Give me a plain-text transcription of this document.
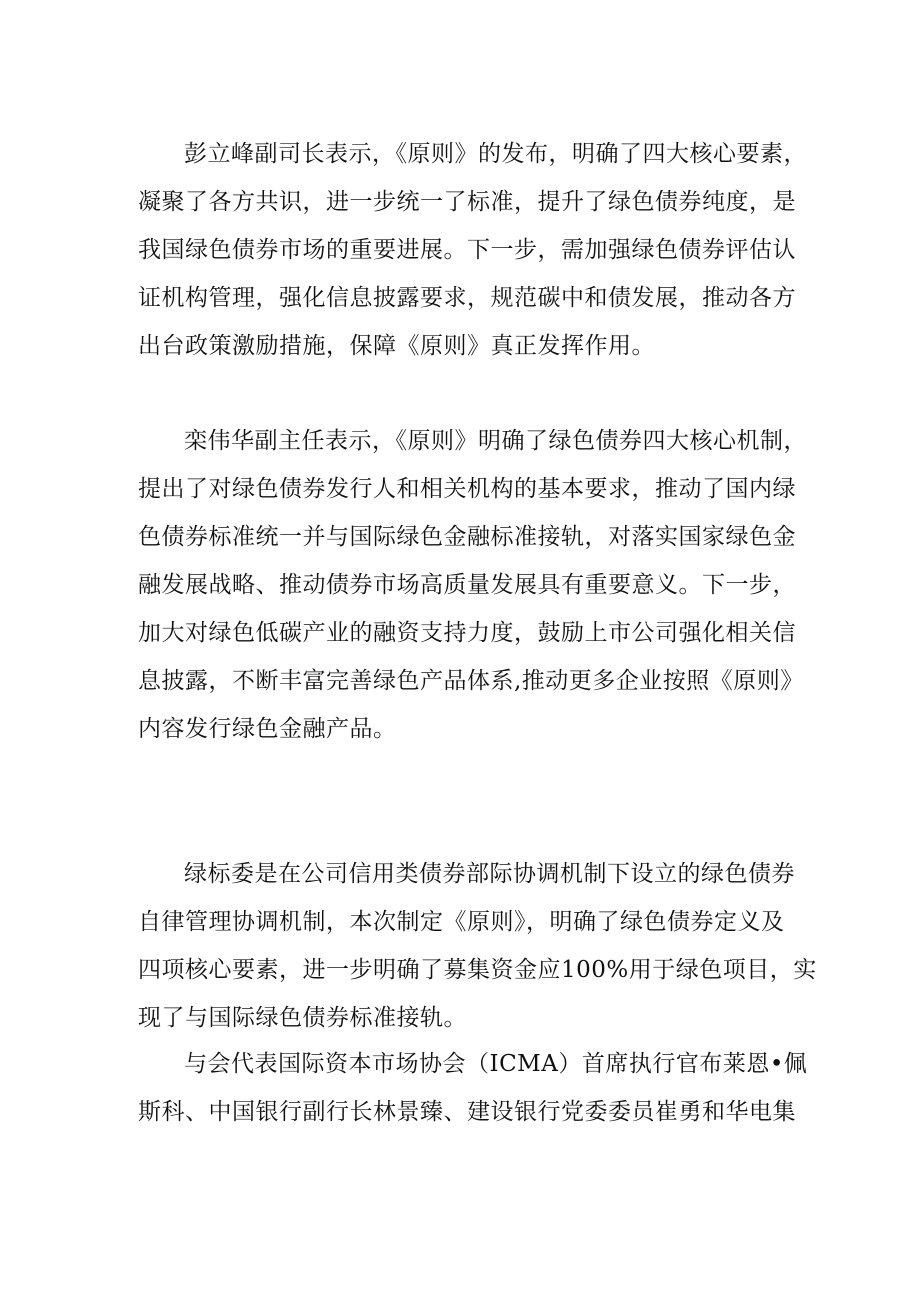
彭立峰副司长表示，《原则》的发布，明确了四大核心要素，
凝聚了各方共识，进一步统一了标准，提升了绿色债券纯度，是
我国绿色债券市场的重要进展。下一步，需加强绿色债券评估认
证机构管理，强化信息披露要求，规范碳中和债发展，推动各方
出台政策激励措施，保障《原则》真正发挥作用。

栾伟华副主任表示，《原则》明确了绿色债券四大核心机制，
提出了对绿色债券发行人和相关机构的基本要求，推动了国内绿
色债券标准统一并与国际绿色金融标准接轨，对落实国家绿色金
融发展战略、推动债券市场高质量发展具有重要意义。下一步，
加大对绿色低碳产业的融资支持力度，鼓励上市公司强化相关信
息披露，不断丰富完善绿色产品体系,推动更多企业按照《原则》
内容发行绿色金融产品。

绿标委是在公司信用类债券部际协调机制下设立的绿色债券
自律管理协调机制，本次制定《原则》，明确了绿色债券定义及
四项核心要素，进一步明确了募集资金应100%用于绿色项目，实
现了与国际绿色债券标准接轨。

与会代表国际资本市场协会（ICMA）首席执行官布莱恩•佩
斯科、中国银行副行长林景臻、建设银行党委委员崔勇和华电集
